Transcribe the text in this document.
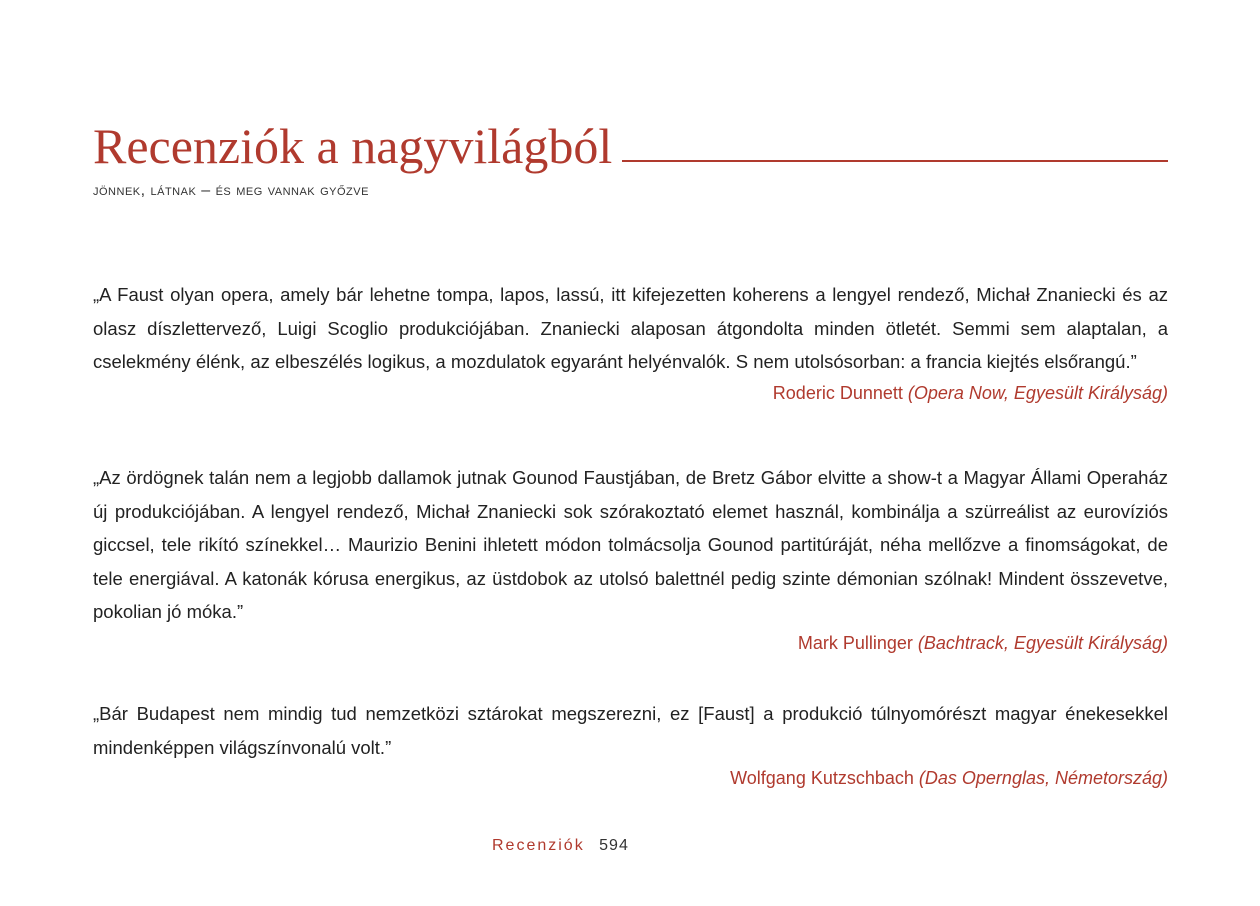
Recenziók a nagyvilágból
jönnek, látnak – és meg vannak győzve

„A Faust olyan opera, amely bár lehetne tompa, lapos, lassú, itt kifejezetten koherens a lengyel rendező, Michał Znaniecki és az olasz díszlettervező, Luigi Scoglio produkciójában. Znaniecki alaposan átgondolta minden ötletét. Semmi sem alaptalan, a cselekmény élénk, az elbeszélés logikus, a mozdulatok egyaránt helyénvalók. S nem utolsósorban: a francia kiejtés elsőrangú.”

Roderic Dunnett (Opera Now, Egyesült Királyság)

„Az ördögnek talán nem a legjobb dallamok jutnak Gounod Faustjában, de Bretz Gábor elvitte a show-t a Magyar Állami Operaház új produkciójában. A lengyel rendező, Michał Znaniecki sok szórakoztató elemet használ, kombinálja a szürreálist az eurovíziós giccsel, tele rikító színekkel… Maurizio Benini ihletett módon tolmácsolja Gounod partitúráját, néha mellőzve a finomságokat, de tele energiával. A katonák kórusa energikus, az üstdobok az utolsó balettnél pedig szinte démonian szólnak! Mindent összevetve, pokolian jó móka.”

Mark Pullinger (Bachtrack, Egyesült Királyság)

„Bár Budapest nem mindig tud nemzetközi sztárokat megszerezni, ez [Faust] a produkció túlnyomórészt magyar énekesekkel mindenképpen világszínvonalú volt.”

Wolfgang Kutzschbach (Das Opernglas, Németország)

Recenziók 594
